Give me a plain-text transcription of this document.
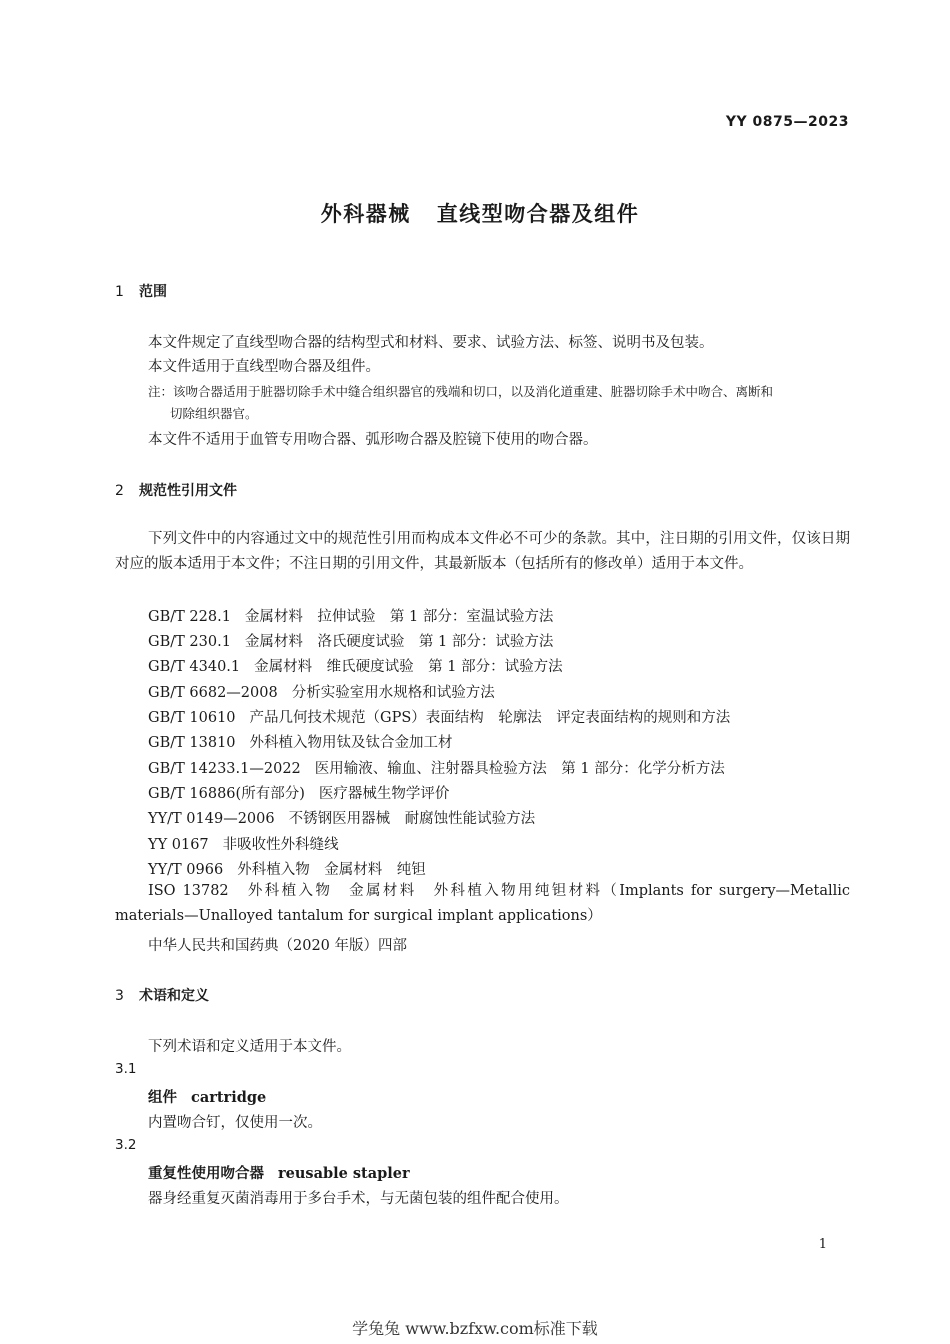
YY 0875—2023
外科器械 直线型吻合器及组件
1 范围
本文件规定了直线型吻合器的结构型式和材料、要求、试验方法、标签、说明书及包装。
本文件适用于直线型吻合器及组件。
注：该吻合器适用于脏器切除手术中缝合组织器官的残端和切口，以及消化道重建、脏器切除手术中吻合、离断和
切除组织器官。
本文件不适用于血管专用吻合器、弧形吻合器及腔镜下使用的吻合器。
2 规范性引用文件
下列文件中的内容通过文中的规范性引用而构成本文件必不可少的条款。其中，注日期的引用文件，仅该日期对应的版本适用于本文件；不注日期的引用文件，其最新版本（包括所有的修改单）适用于本文件。
GB/T 228.1 金属材料　拉伸试验　第 1 部分：室温试验方法
GB/T 230.1 金属材料　洛氏硬度试验　第 1 部分：试验方法
GB/T 4340.1 金属材料　维氏硬度试验　第 1 部分：试验方法
GB/T 6682—2008 分析实验室用水规格和试验方法
GB/T 10610 产品几何技术规范（GPS）表面结构　轮廓法　评定表面结构的规则和方法
GB/T 13810 外科植入物用钛及钛合金加工材
GB/T 14233.1—2022 医用输液、输血、注射器具检验方法　第 1 部分：化学分析方法
GB/T 16886(所有部分) 医疗器械生物学评价
YY/T 0149—2006 不锈钢医用器械　耐腐蚀性能试验方法
YY 0167 非吸收性外科缝线
YY/T 0966 外科植入物　金属材料　纯钽
ISO 13782　外科植入物　金属材料　外科植入物用纯钽材料（Implants for surgery—Metallic materials—Unalloyed tantalum for surgical implant applications）
中华人民共和国药典（2020 年版）四部
3 术语和定义
下列术语和定义适用于本文件。
3.1
组件 cartridge
内置吻合钉，仅使用一次。
3.2
重复性使用吻合器 reusable stapler
器身经重复灭菌消毒用于多台手术，与无菌包装的组件配合使用。
1
学兔兔 www.bzfxw.com标准下载
